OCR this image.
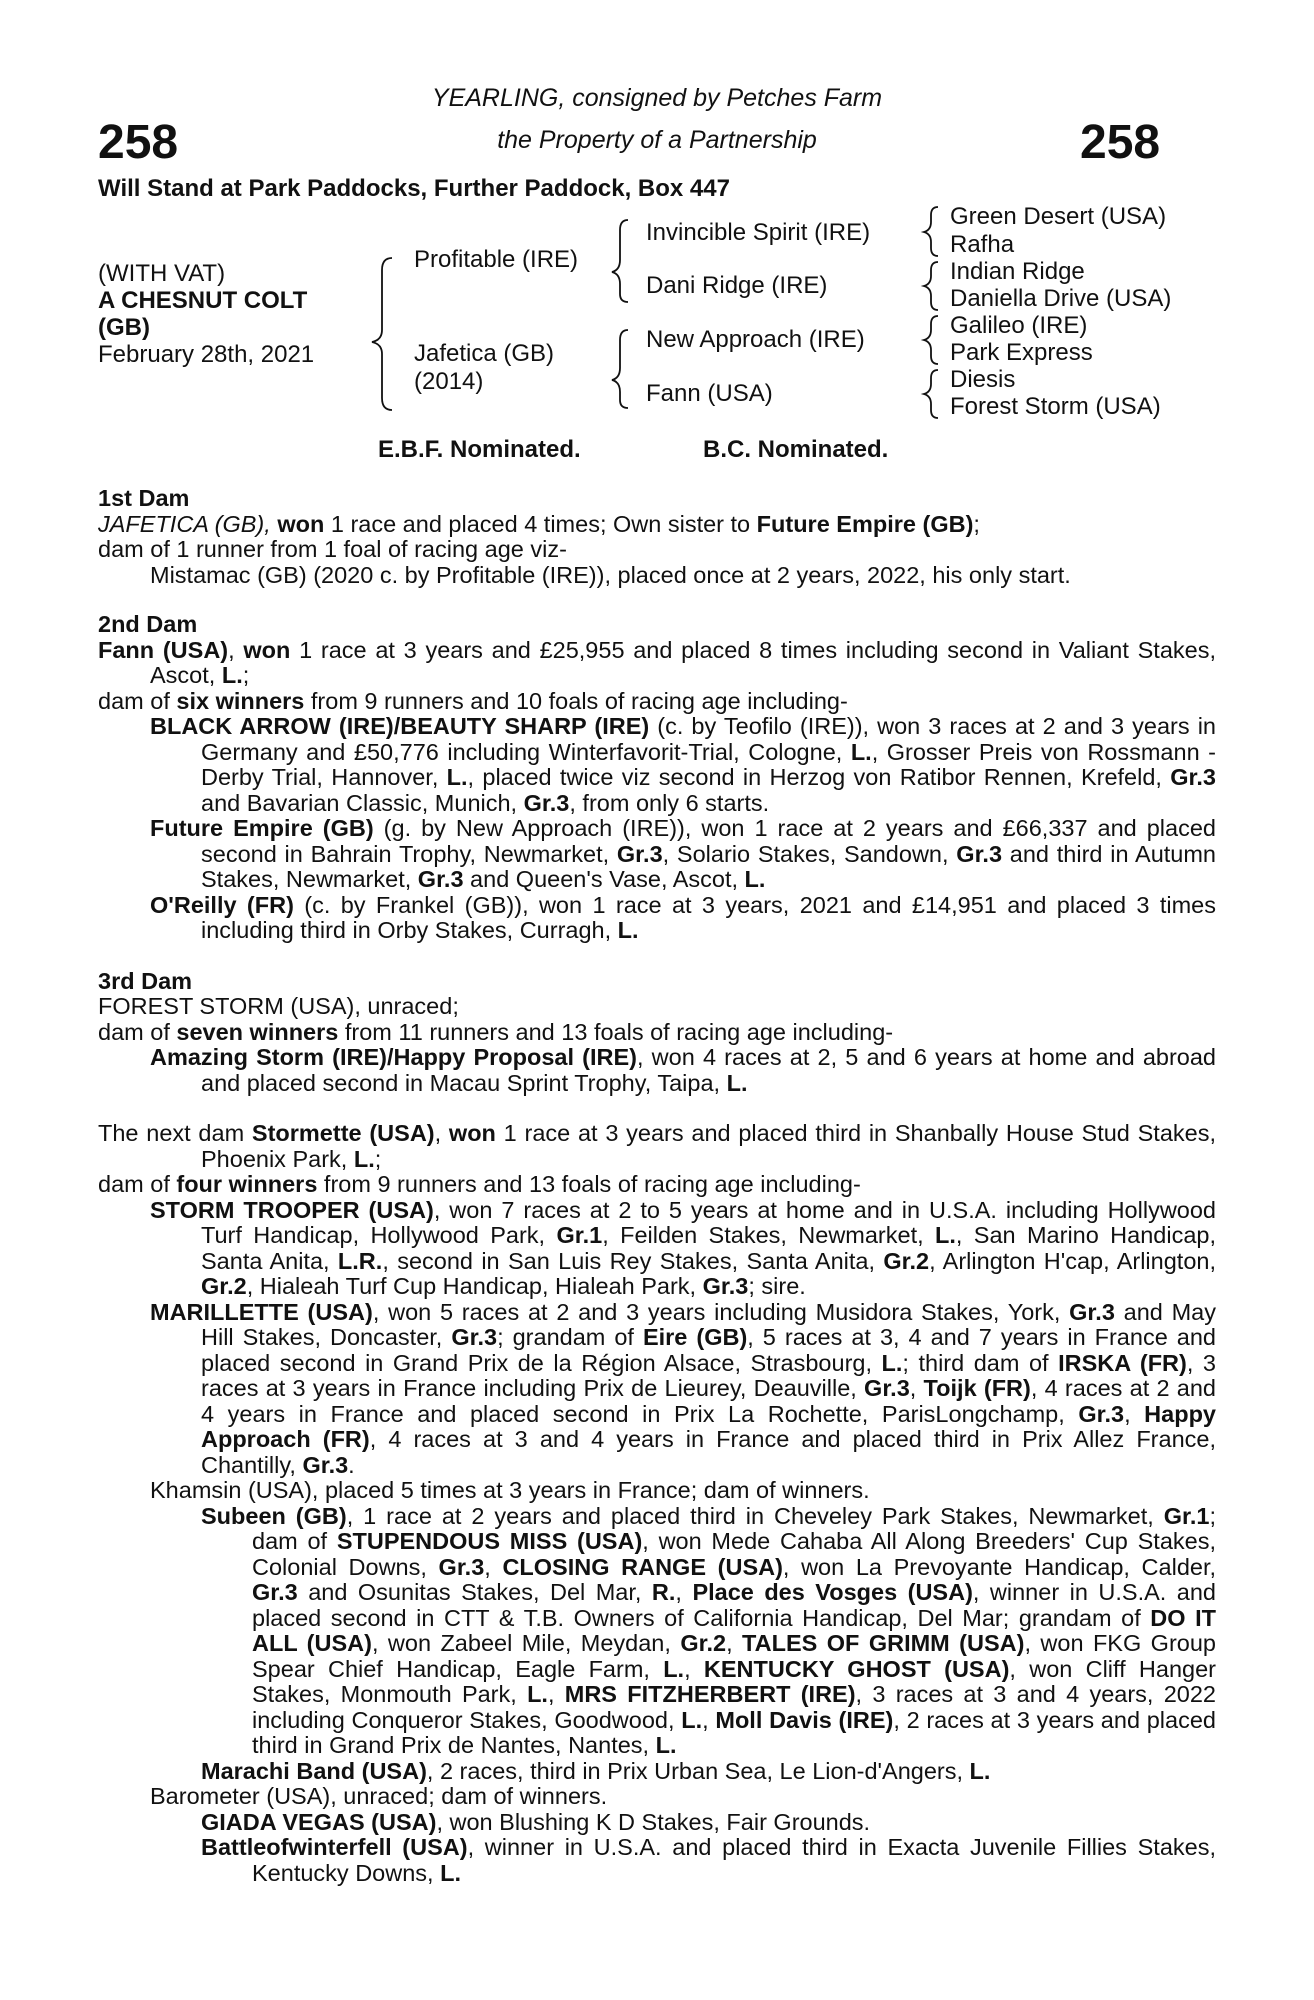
258	258
YEARLING, consigned by Petches Farm
the Property of a Partnership
Will Stand at Park Paddocks, Further Paddock, Box 447
(WITH VAT)
A CHESNUT COLT
(GB)
February 28th, 2021
Profitable (IRE)
Jafetica (GB)
(2014)
Invincible Spirit (IRE)
Dani Ridge (IRE)
New Approach (IRE)
Fann (USA)
Green Desert (USA)
Rafha
Indian Ridge
Daniella Drive (USA)
Galileo (IRE)
Park Express
Diesis
Forest Storm (USA)
E.B.F. Nominated.	B.C. Nominated.

1st Dam

JAFETICA (GB), won 1 race and placed 4 times; Own sister to Future Empire (GB);

dam of 1 runner from 1 foal of racing age viz-

Mistamac (GB) (2020 c. by Profitable (IRE)), placed once at 2 years, 2022, his only start.

2nd Dam

Fann (USA), won 1 race at 3 years and £25,955 and placed 8 times including second in Valiant Stakes, Ascot, L.;

dam of six winners from 9 runners and 10 foals of racing age including-

BLACK ARROW (IRE)/BEAUTY SHARP (IRE) (c. by Teofilo (IRE)), won 3 races at 2 and 3 years in Germany and £50,776 including Winterfavorit-Trial, Cologne, L., Grosser Preis von Rossmann - Derby Trial, Hannover, L., placed twice viz second in Herzog von Ratibor Rennen, Krefeld, Gr.3 and Bavarian Classic, Munich, Gr.3, from only 6 starts.

Future Empire (GB) (g. by New Approach (IRE)), won 1 race at 2 years and £66,337 and placed second in Bahrain Trophy, Newmarket, Gr.3, Solario Stakes, Sandown, Gr.3 and third in Autumn Stakes, Newmarket, Gr.3 and Queen's Vase, Ascot, L.

O'Reilly (FR) (c. by Frankel (GB)), won 1 race at 3 years, 2021 and £14,951 and placed 3 times including third in Orby Stakes, Curragh, L.

3rd Dam

FOREST STORM (USA), unraced;

dam of seven winners from 11 runners and 13 foals of racing age including-

Amazing Storm (IRE)/Happy Proposal (IRE), won 4 races at 2, 5 and 6 years at home and abroad and placed second in Macau Sprint Trophy, Taipa, L.

The next dam Stormette (USA), won 1 race at 3 years and placed third in Shanbally House Stud Stakes, Phoenix Park, L.;

dam of four winners from 9 runners and 13 foals of racing age including-

STORM TROOPER (USA), won 7 races at 2 to 5 years at home and in U.S.A. including Hollywood Turf Handicap, Hollywood Park, Gr.1, Feilden Stakes, Newmarket, L., San Marino Handicap, Santa Anita, L.R., second in San Luis Rey Stakes, Santa Anita, Gr.2, Arlington H'cap, Arlington, Gr.2, Hialeah Turf Cup Handicap, Hialeah Park, Gr.3; sire.

MARILLETTE (USA), won 5 races at 2 and 3 years including Musidora Stakes, York, Gr.3 and May Hill Stakes, Doncaster, Gr.3; grandam of Eire (GB), 5 races at 3, 4 and 7 years in France and placed second in Grand Prix de la Région Alsace, Strasbourg, L.; third dam of IRSKA (FR), 3 races at 3 years in France including Prix de Lieurey, Deauville, Gr.3, Toijk (FR), 4 races at 2 and 4 years in France and placed second in Prix La Rochette, ParisLongchamp, Gr.3, Happy Approach (FR), 4 races at 3 and 4 years in France and placed third in Prix Allez France, Chantilly, Gr.3.

Khamsin (USA), placed 5 times at 3 years in France; dam of winners.

Subeen (GB), 1 race at 2 years and placed third in Cheveley Park Stakes, Newmarket, Gr.1; dam of STUPENDOUS MISS (USA), won Mede Cahaba All Along Breeders' Cup Stakes, Colonial Downs, Gr.3, CLOSING RANGE (USA), won La Prevoyante Handicap, Calder, Gr.3 and Osunitas Stakes, Del Mar, R., Place des Vosges (USA), winner in U.S.A. and placed second in CTT & T.B. Owners of California Handicap, Del Mar; grandam of DO IT ALL (USA), won Zabeel Mile, Meydan, Gr.2, TALES OF GRIMM (USA), won FKG Group Spear Chief Handicap, Eagle Farm, L., KENTUCKY GHOST (USA), won Cliff Hanger Stakes, Monmouth Park, L., MRS FITZHERBERT (IRE), 3 races at 3 and 4 years, 2022 including Conqueror Stakes, Goodwood, L., Moll Davis (IRE), 2 races at 3 years and placed third in Grand Prix de Nantes, Nantes, L.

Marachi Band (USA), 2 races, third in Prix Urban Sea, Le Lion-d'Angers, L.

Barometer (USA), unraced; dam of winners.

GIADA VEGAS (USA), won Blushing K D Stakes, Fair Grounds.

Battleofwinterfell (USA), winner in U.S.A. and placed third in Exacta Juvenile Fillies Stakes, Kentucky Downs, L.
